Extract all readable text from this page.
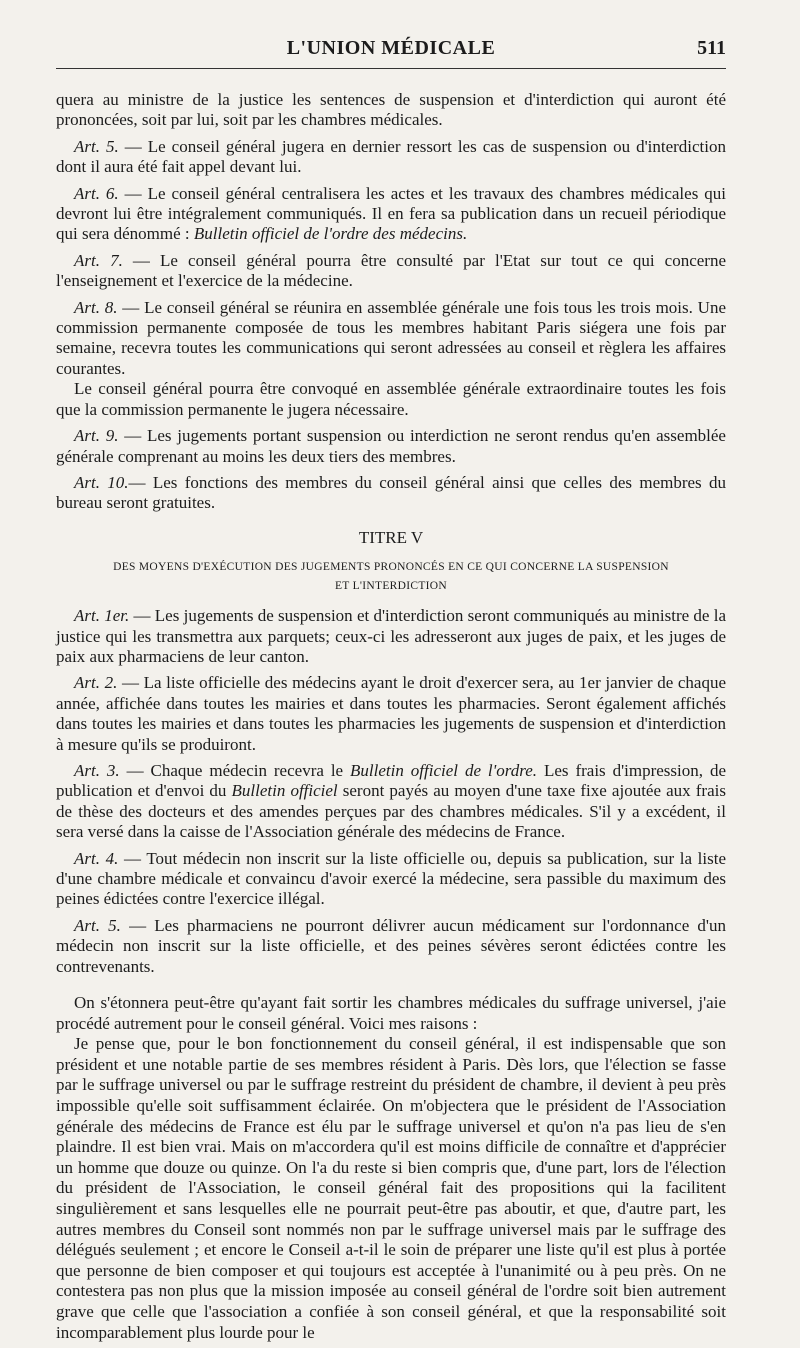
L'UNION MÉDICALE	511

quera au ministre de la justice les sentences de suspension et d'interdiction qui auront été prononcées, soit par lui, soit par les chambres médicales.

Art. 5. — Le conseil général jugera en dernier ressort les cas de suspension ou d'interdiction dont il aura été fait appel devant lui.

Art. 6. — Le conseil général centralisera les actes et les travaux des chambres médicales qui devront lui être intégralement communiqués. Il en fera sa publication dans un recueil périodique qui sera dénommé : Bulletin officiel de l'ordre des médecins.

Art. 7. — Le conseil général pourra être consulté par l'Etat sur tout ce qui concerne l'enseignement et l'exercice de la médecine.

Art. 8. — Le conseil général se réunira en assemblée générale une fois tous les trois mois. Une commission permanente composée de tous les membres habitant Paris siégera une fois par semaine, recevra toutes les communications qui seront adressées au conseil et règlera les affaires courantes.

Le conseil général pourra être convoqué en assemblée générale extraordinaire toutes les fois que la commission permanente le jugera nécessaire.

Art. 9. — Les jugements portant suspension ou interdiction ne seront rendus qu'en assemblée générale comprenant au moins les deux tiers des membres.

Art. 10.— Les fonctions des membres du conseil général ainsi que celles des membres du bureau seront gratuites.

TITRE V
DES MOYENS D'EXÉCUTION DES JUGEMENTS PRONONCÉS EN CE QUI CONCERNE LA SUSPENSION
ET L'INTERDICTION

Art. 1er. — Les jugements de suspension et d'interdiction seront communiqués au ministre de la justice qui les transmettra aux parquets; ceux-ci les adresseront aux juges de paix, et les juges de paix aux pharmaciens de leur canton.

Art. 2. — La liste officielle des médecins ayant le droit d'exercer sera, au 1er janvier de chaque année, affichée dans toutes les mairies et dans toutes les pharmacies. Seront également affichés dans toutes les mairies et dans toutes les pharmacies les jugements de suspension et d'interdiction à mesure qu'ils se produiront.

Art. 3. — Chaque médecin recevra le Bulletin officiel de l'ordre. Les frais d'impression, de publication et d'envoi du Bulletin officiel seront payés au moyen d'une taxe fixe ajoutée aux frais de thèse des docteurs et des amendes perçues par des chambres médicales. S'il y a excédent, il sera versé dans la caisse de l'Association générale des médecins de France.

Art. 4. — Tout médecin non inscrit sur la liste officielle ou, depuis sa publication, sur la liste d'une chambre médicale et convaincu d'avoir exercé la médecine, sera passible du maximum des peines édictées contre l'exercice illégal.

Art. 5. — Les pharmaciens ne pourront délivrer aucun médicament sur l'ordonnance d'un médecin non inscrit sur la liste officielle, et des peines sévères seront édictées contre les contrevenants.

On s'étonnera peut-être qu'ayant fait sortir les chambres médicales du suffrage universel, j'aie procédé autrement pour le conseil général. Voici mes raisons :

Je pense que, pour le bon fonctionnement du conseil général, il est indispensable que son président et une notable partie de ses membres résident à Paris. Dès lors, que l'élection se fasse par le suffrage universel ou par le suffrage restreint du président de chambre, il devient à peu près impossible qu'elle soit suffisamment éclairée. On m'objectera que le président de l'Association générale des médecins de France est élu par le suffrage universel et qu'on n'a pas lieu de s'en plaindre. Il est bien vrai. Mais on m'accordera qu'il est moins difficile de connaître et d'apprécier un homme que douze ou quinze. On l'a du reste si bien compris que, d'une part, lors de l'élection du président de l'Association, le conseil général fait des propositions qui la facilitent singulièrement et sans lesquelles elle ne pourrait peut-être pas aboutir, et que, d'autre part, les autres membres du Conseil sont nommés non par le suffrage universel mais par le suffrage des délégués seulement ; et encore le Conseil a-t-il le soin de préparer une liste qu'il est plus à portée que personne de bien composer et qui toujours est acceptée à l'unanimité ou à peu près. On ne contestera pas non plus que la mission imposée au conseil général de l'ordre soit bien autrement grave que celle que l'association a confiée à son conseil général, et que la responsabilité soit incomparablement plus lourde pour le
